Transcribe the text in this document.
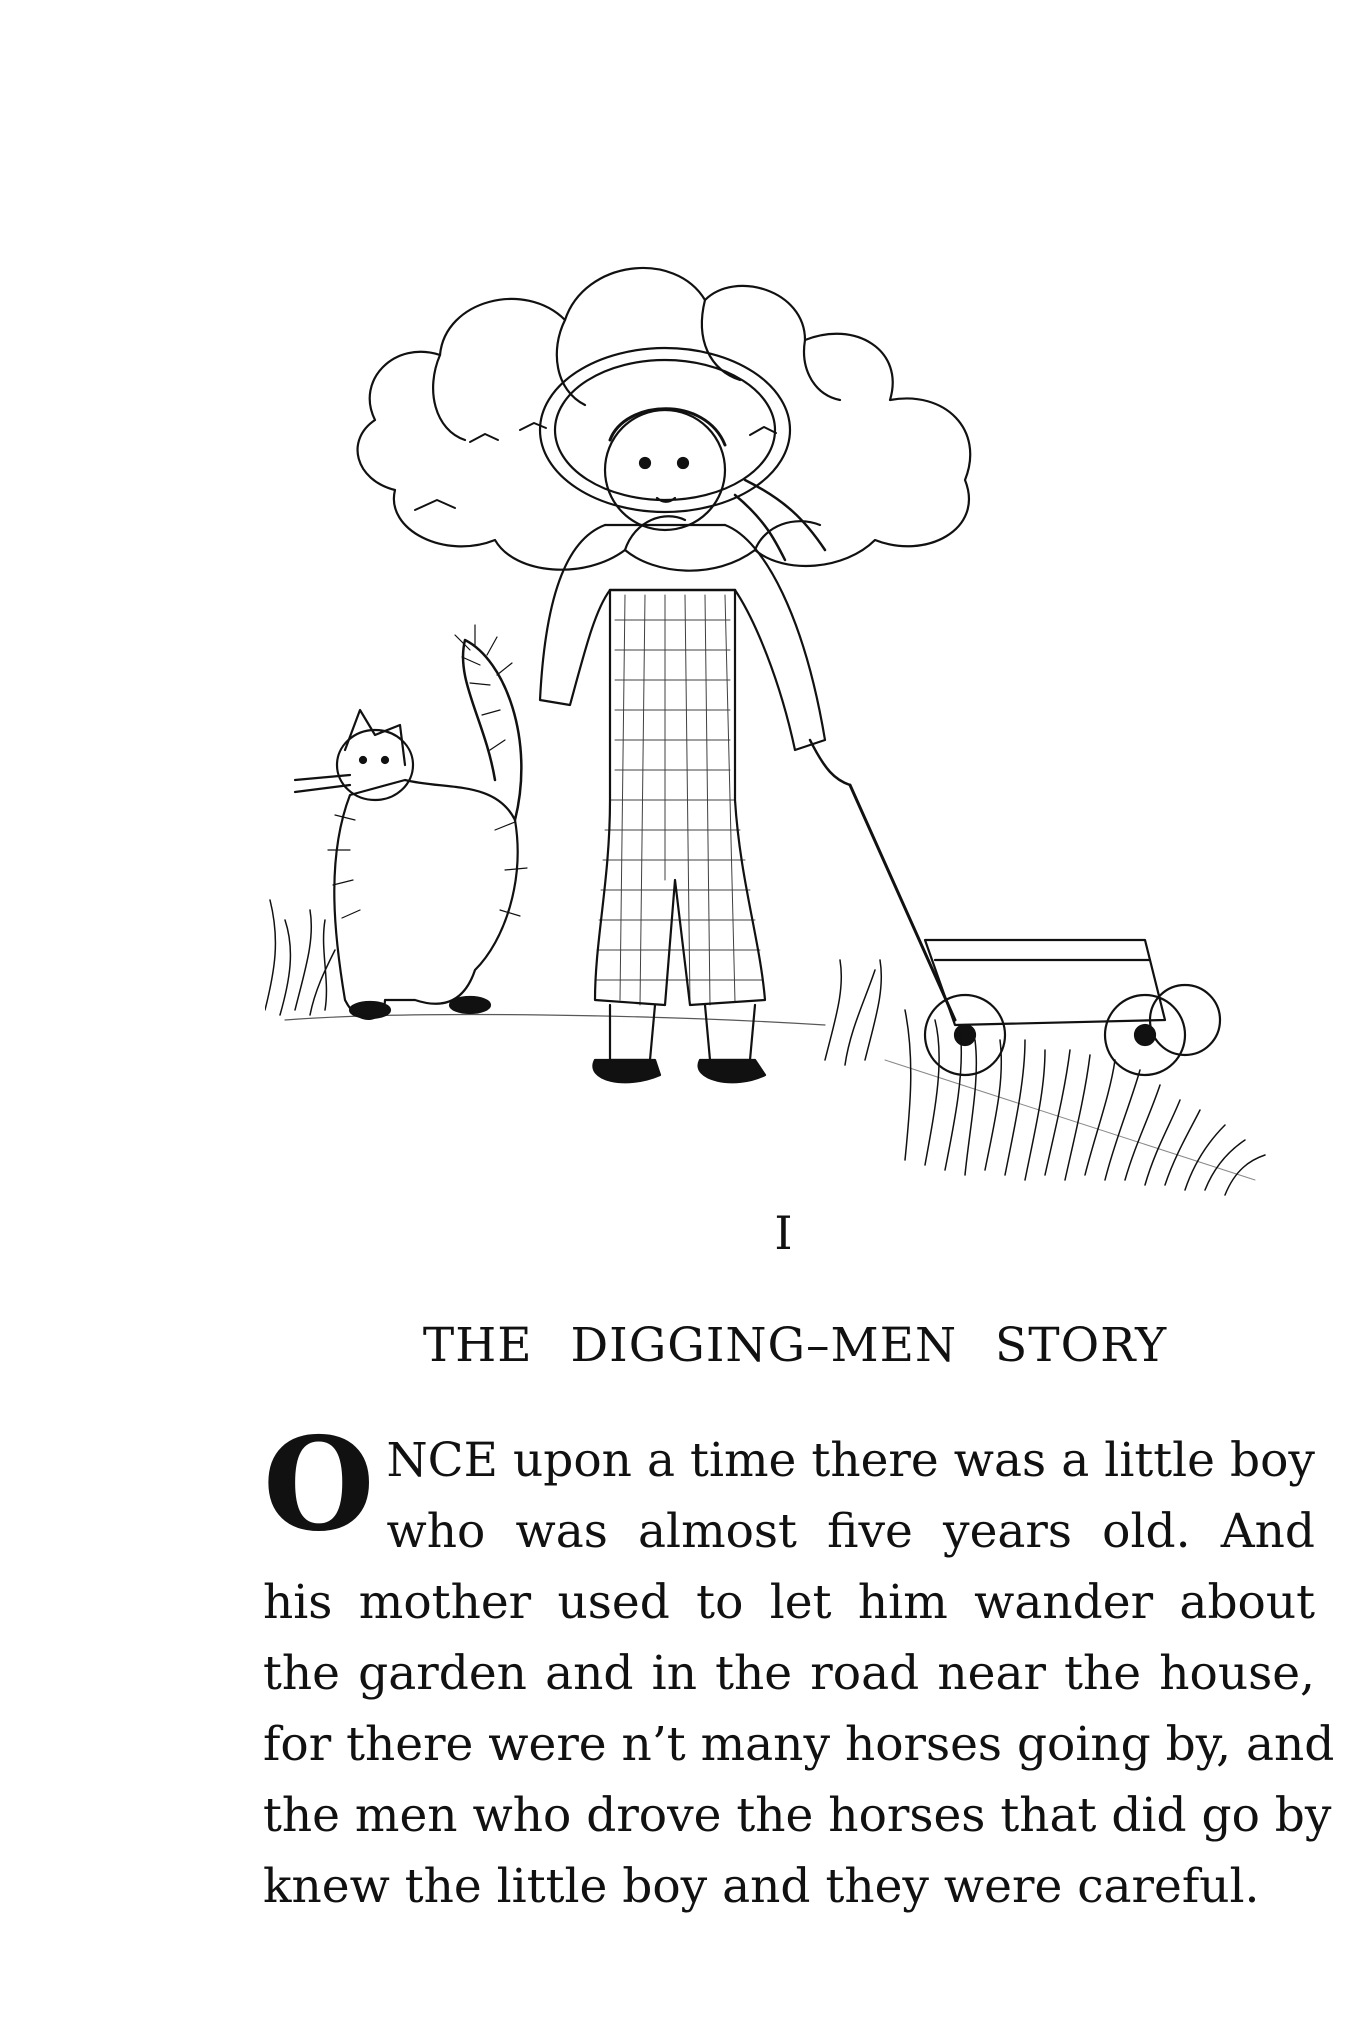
I
THE DIGGING–MEN STORY
O NCE upon a time there was a little boy
who was almost five years old. And
his mother used to let him wander about
the garden and in the road near the house,
for there were n’t many horses going by, and
the men who drove the horses that did go by
knew the little boy and they were careful.
